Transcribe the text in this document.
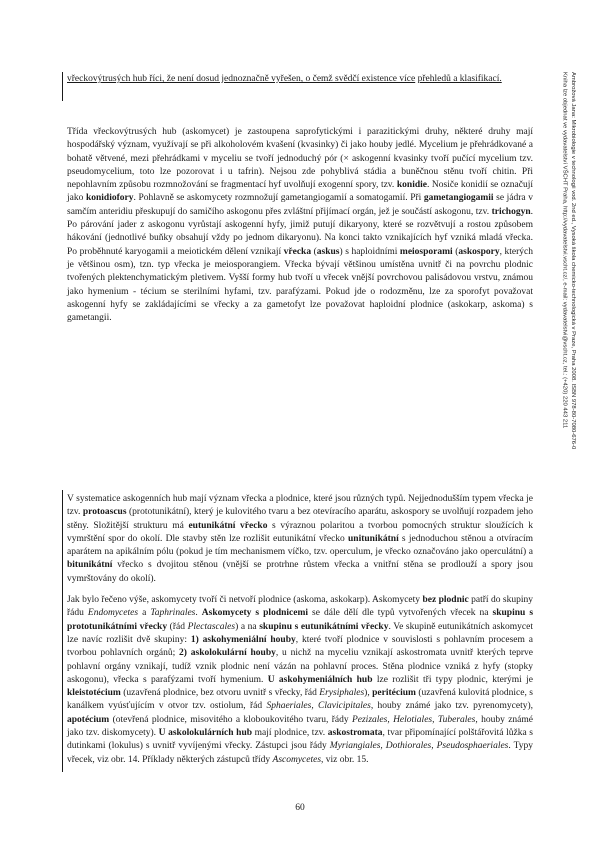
vřeckovýtrusých hub říci, že není dosud jednoznačně vyřešen, o čemž svědčí existence více přehledů a klasifikací.

Třída vřeckovýtrusých hub (askomycet) je zastoupena saprofytickými i parazitickými druhy, některé druhy mají hospodářský význam, využívají se při alkoholovém kvašení (kvasinky) či jako houby jedlé. Mycelium je přehrádkované a bohatě větvené, mezi přehrádkami v myceliu se tvoří jednoduchý pór (× askogenní kvasinky tvoří pučící mycelium tzv. pseudomycelium, toto lze pozorovat i u tafrin). Nejsou zde pohyblivá stádia a buněčnou stěnu tvoří chitin. Při nepohlavním způsobu rozmnožování se fragmentací hyf uvolňují exogenní spory, tzv. konidie. Nosiče konidií se označují jako konidiofory. Pohlavně se askomycety rozmnožují gametangiogamií a somatogamií. Při gametangiogamii se jádra v samčím anteridiu přeskupují do samičího askogonu přes zvláštní přijímací orgán, jež je součástí askogonu, tzv. trichogyn. Po párování jader z askogonu vyrůstají askogenní hyfy, jimiž putují dikaryony, které se rozvětvují a rostou způsobem hákování (jednotlivé buňky obsahují vždy po jednom dikaryonu). Na konci takto vznikajících hyf vzniká mladá vřecka. Po proběhnuté karyogamii a meiotickém dělení vznikají vřecka (askus) s haploidními meiosporami (askospory, kterých je většinou osm), tzn. typ vřecka je meiosporangiem. Vřecka bývají většinou umístěna uvnitř či na povrchu plodnic tvořených plektenchymatickým pletivem. Vyšší formy hub tvoří u vřecek vnější povrchovou palisádovou vrstvu, známou jako hymenium - técium se sterilními hyfami, tzv. parafýzami. Pokud jde o rodozměnu, lze za sporofyt považovat askogenní hyfy se zakládajícími se vřecky a za gametofyt lze považovat haploidní plodnice (askokarp, askoma) s gametangii.

V systematice askogenních hub mají význam vřecka a plodnice, které jsou různých typů. Nejjednodušším typem vřecka je tzv. protoascus (prototunikátní), který je kulovitého tvaru a bez otevíracího aparátu, askospory se uvolňují rozpadem jeho stěny. Složitější strukturu má eutunikátní vřecko s výraznou polaritou a tvorbou pomocných struktur sloužících k vymrštění spor do okolí. Dle stavby stěn lze rozlišit eutunikátní vřecko unitunikátní s jednoduchou stěnou a otvíracím aparátem na apikálním pólu (pokud je tím mechanismem víčko, tzv. operculum, je vřecko označováno jako operculátní) a bitunikátní vřecko s dvojitou stěnou (vnější se protrhne růstem vřecka a vnitřní stěna se prodlouží a spory jsou vymrštovány do okolí).

Jak bylo řečeno výše, askomycety tvoří či netvoří plodnice (askoma, askokarp). Askomycety bez plodnic patří do skupiny řádu Endomycetes a Taphrinales. Askomycety s plodnicemi se dále dělí dle typů vytvořených vřecek na skupinu s prototunikátními vřecky (řád Plectascales) a na skupinu s eutunikátními vřecky. Ve skupině eutunikátních askomycet lze navíc rozlišit dvě skupiny: 1) askohymeniální houby, které tvoří plodnice v souvislosti s pohlavním procesem a tvorbou pohlavních orgánů; 2) askolokulární houby, u nichž na myceliu vznikají askostromata uvnitř kterých teprve pohlavní orgány vznikají, tudíž vznik plodnic není vázán na pohlavní proces. Stěna plodnice vzniká z hyfy (stopky askogonu), vřecka s parafýzami tvoří hymenium. U askohymeniálních hub lze rozlišit tři typy plodnic, kterými je kleistotécium (uzavřená plodnice, bez otvoru uvnitř s vřecky, řád Erysiphales), peritécium (uzavřená kulovitá plodnice, s kanálkem vyúsťujícím v otvor tzv. ostiolum, řád Sphaeriales, Clavicipitales, houby známé jako tzv. pyrenomycety), apotécium (otevřená plodnice, misovitého a kloboukovitého tvaru, řády Pezizales, Helotiales, Tuberales, houby známé jako tzv. diskomycety). U askolokulárních hub mají plodnice, tzv. askostromata, tvar připomínající polštářovitá lůžka s dutinkami (lokulus) s uvnitř vyvíjenými vřecky. Zástupci jsou řády Myriangiales, Dothiorales, Pseudosphaeriales. Typy vřecek, viz obr. 14. Příklady některých zástupců třídy Ascomycetes, viz obr. 15.

Ambrožová Jana: Mikrobiologie v technologii vod. 2nd ed., Vysoká škola chemicko-technologická v Praze, Praha 2008. ISBN 978-80-7080-676-0
Kniha lze objednat ve vydavatelství VŠCHT Praha, http://vydavatelstvi.vscht.cz/, e-mail: vydavatelstvi@vscht.cz, tel.: (+420) 220 443 211
60
